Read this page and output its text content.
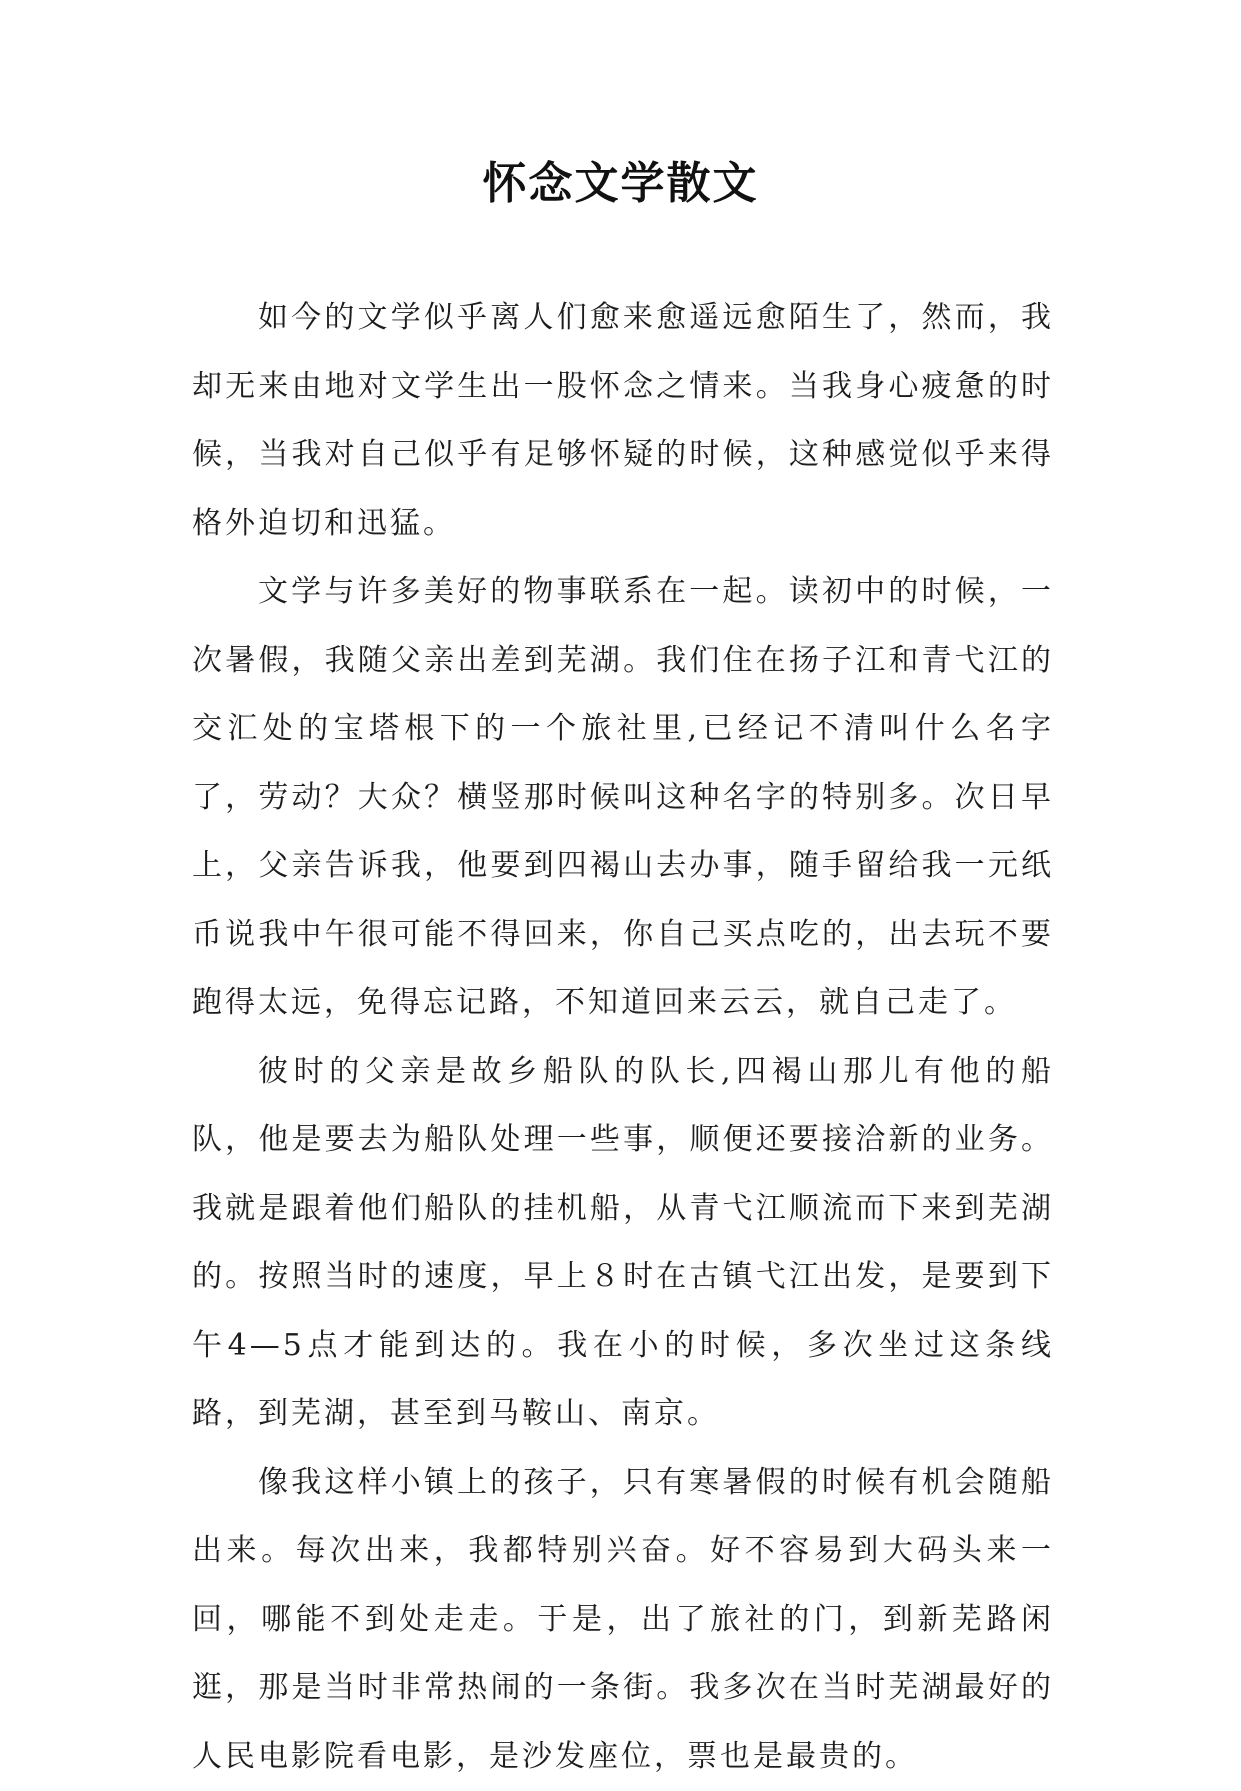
怀念文学散文

如今的文学似乎离人们愈来愈遥远愈陌生了，然而，我却无来由地对文学生出一股怀念之情来。当我身心疲惫的时候，当我对自己似乎有足够怀疑的时候，这种感觉似乎来得格外迫切和迅猛。

文学与许多美好的物事联系在一起。读初中的时候，一次暑假，我随父亲出差到芜湖。我们住在扬子江和青弋江的交汇处的宝塔根下的一个旅社里,已经记不清叫什么名字了，劳动？大众？横竖那时候叫这种名字的特别多。次日早上，父亲告诉我，他要到四褐山去办事，随手留给我一元纸币说我中午很可能不得回来，你自己买点吃的，出去玩不要跑得太远，免得忘记路，不知道回来云云，就自己走了。

彼时的父亲是故乡船队的队长,四褐山那儿有他的船队，他是要去为船队处理一些事，顺便还要接洽新的业务。我就是跟着他们船队的挂机船，从青弋江顺流而下来到芜湖的。按照当时的速度，早上８时在古镇弋江出发，是要到下午4—5点才能到达的。我在小的时候，多次坐过这条线路，到芜湖，甚至到马鞍山、南京。

像我这样小镇上的孩子，只有寒暑假的时候有机会随船出来。每次出来，我都特别兴奋。好不容易到大码头来一回，哪能不到处走走。于是，出了旅社的门，到新芜路闲逛，那是当时非常热闹的一条街。我多次在当时芜湖最好的人民电影院看电影，是沙发座位，票也是最贵的。
